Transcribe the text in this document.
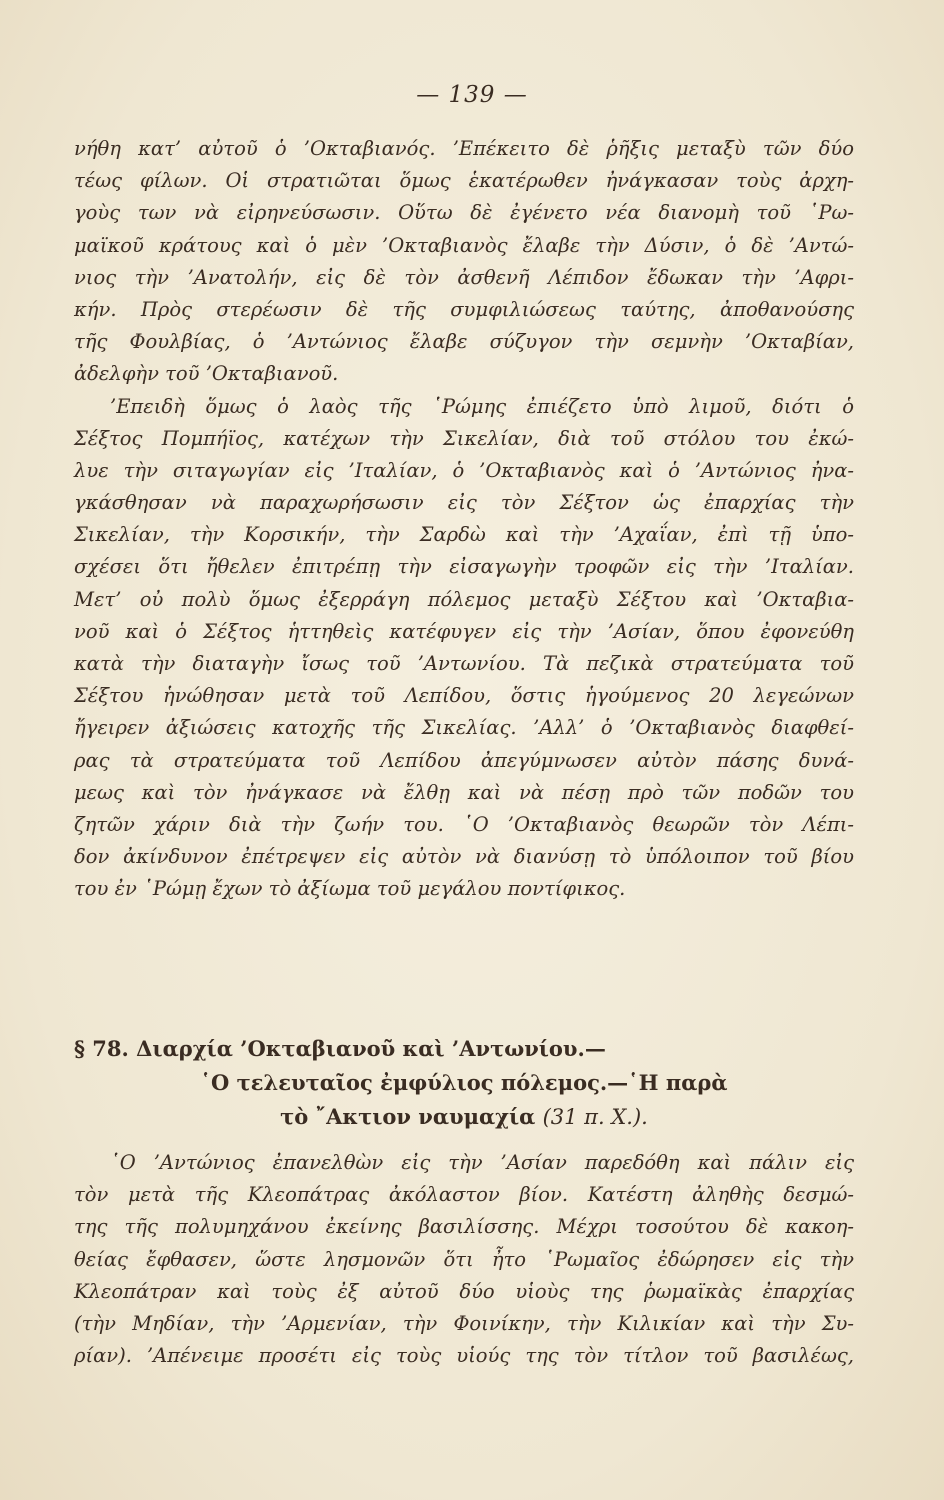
— 139 —
νήθη κατ’ αὐτοῦ ὁ ’Οκταβιανός. ’Επέκειτο δὲ ῥῆξις μεταξὺ τῶν δύο
τέως φίλων. Οἱ στρατιῶται ὅμως ἑκατέρωθεν ἠνάγκασαν τοὺς ἀρχη-
γοὺς των νὰ εἰρηνεύσωσιν. Οὕτω δὲ ἐγένετο νέα διανομὴ τοῦ ῾Ρω-
μαϊκοῦ κράτους καὶ ὁ μὲν ’Οκταβιανὸς ἔλαβε τὴν Δύσιν, ὁ δὲ ’Αντώ-
νιος τὴν ’Ανατολήν, εἰς δὲ τὸν ἀσθενῆ Λέπιδον ἔδωκαν τὴν ’Αφρι-
κήν. Πρὸς στερέωσιν δὲ τῆς συμφιλιώσεως ταύτης, ἀποθανούσης
τῆς Φουλβίας, ὁ ’Αντώνιος ἔλαβε σύζυγον τὴν σεμνὴν ’Οκταβίαν,
ἀδελφὴν τοῦ ’Οκταβιανοῦ.
’Επειδὴ ὅμως ὁ λαὸς τῆς ῾Ρώμης ἐπιέζετο ὑπὸ λιμοῦ, διότι ὁ
Σέξτος Πομπήϊος, κατέχων τὴν Σικελίαν, διὰ τοῦ στόλου του ἐκώ-
λυε τὴν σιταγωγίαν εἰς ’Ιταλίαν, ὁ ’Οκταβιανὸς καὶ ὁ ’Αντώνιος ἠνα-
γκάσθησαν νὰ παραχωρήσωσιν εἰς τὸν Σέξτον ὡς ἐπαρχίας τὴν
Σικελίαν, τὴν Κορσικήν, τὴν Σαρδὼ καὶ τὴν ’Αχαΐαν, ἐπὶ τῇ ὑπο-
σχέσει ὅτι ἤθελεν ἐπιτρέπῃ τὴν εἰσαγωγὴν τροφῶν εἰς τὴν ’Ιταλίαν.
Μετ’ οὐ πολὺ ὅμως ἐξερράγη πόλεμος μεταξὺ Σέξτου καὶ ’Οκταβια-
νοῦ καὶ ὁ Σέξτος ἡττηθεὶς κατέφυγεν εἰς τὴν ’Ασίαν, ὅπου ἐφονεύθη
κατὰ τὴν διαταγὴν ἴσως τοῦ ’Αντωνίου. Τὰ πεζικὰ στρατεύματα τοῦ
Σέξτου ἡνώθησαν μετὰ τοῦ Λεπίδου, ὅστις ἡγούμενος 20 λεγεώνων
ἤγειρεν ἀξιώσεις κατοχῆς τῆς Σικελίας. ’Αλλ’ ὁ ’Οκταβιανὸς διαφθεί-
ρας τὰ στρατεύματα τοῦ Λεπίδου ἀπεγύμνωσεν αὐτὸν πάσης δυνά-
μεως καὶ τὸν ἠνάγκασε νὰ ἔλθῃ καὶ νὰ πέσῃ πρὸ τῶν ποδῶν του
ζητῶν χάριν διὰ τὴν ζωήν του. ῾Ο ’Οκταβιανὸς θεωρῶν τὸν Λέπι-
δον ἀκίνδυνον ἐπέτρεψεν εἰς αὐτὸν νὰ διανύσῃ τὸ ὑπόλοιπον τοῦ βίου
του ἐν ῾Ρώμῃ ἔχων τὸ ἀξίωμα τοῦ μεγάλου ποντίφικος.
§ 78. Διαρχία ’Οκταβιανοῦ καὶ ’Αντωνίου.—
῾Ο τελευταῖος ἐμφύλιος πόλεμος.—῾Η παρὰ
τὸ ῎Ακτιον ναυμαχία (31 π. Χ.).
῾Ο ’Αντώνιος ἐπανελθὼν εἰς τὴν ’Ασίαν παρεδόθη καὶ πάλιν εἰς
τὸν μετὰ τῆς Κλεοπάτρας ἀκόλαστον βίον. Κατέστη ἀληθὴς δεσμώ-
της τῆς πολυμηχάνου ἐκείνης βασιλίσσης. Μέχρι τοσούτου δὲ κακοη-
θείας ἔφθασεν, ὥστε λησμονῶν ὅτι ἦτο ῾Ρωμαῖος ἐδώρησεν εἰς τὴν
Κλεοπάτραν καὶ τοὺς ἐξ αὐτοῦ δύο υἱοὺς της ῥωμαϊκὰς ἐπαρχίας
(τὴν Μηδίαν, τὴν ’Αρμενίαν, τὴν Φοινίκην, τὴν Κιλικίαν καὶ τὴν Συ-
ρίαν). ’Απένειμε προσέτι εἰς τοὺς υἱούς της τὸν τίτλον τοῦ βασιλέως,
